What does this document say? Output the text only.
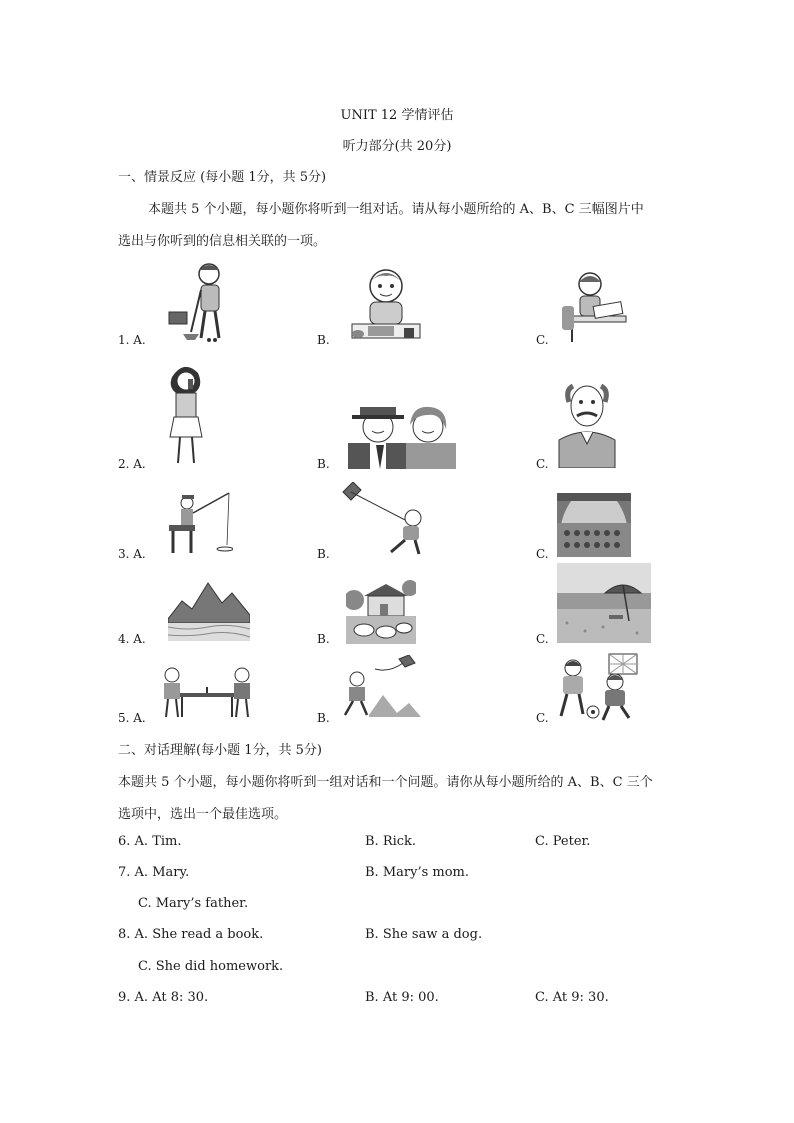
UNIT 12 学情评估
听力部分(共 20分)
一、情景反应 (每小题 1分，共 5分)
本题共 5 个小题，每小题你将听到一组对话。请从每小题所给的 A、B、C 三幅图片中
选出与你听到的信息相关联的一项。
1. A.	B.	C.
2. A.	B.	C.
3. A.	B.	C.
4. A.	B.	C.
5. A.	B.	C.
二、对话理解(每小题 1分，共 5分)
本题共 5 个小题，每小题你将听到一组对话和一个问题。请你从每小题所给的 A、B、C 三个
选项中，选出一个最佳选项。
6. A. Tim.	B. Rick.	C. Peter.
7. A. Mary.	B. Mary’s mom.
C. Mary’s father.
8. A. She read a book.	B. She saw a dog.
C. She did homework.
9. A. At 8: 30.	B. At 9: 00.	C. At 9: 30.
